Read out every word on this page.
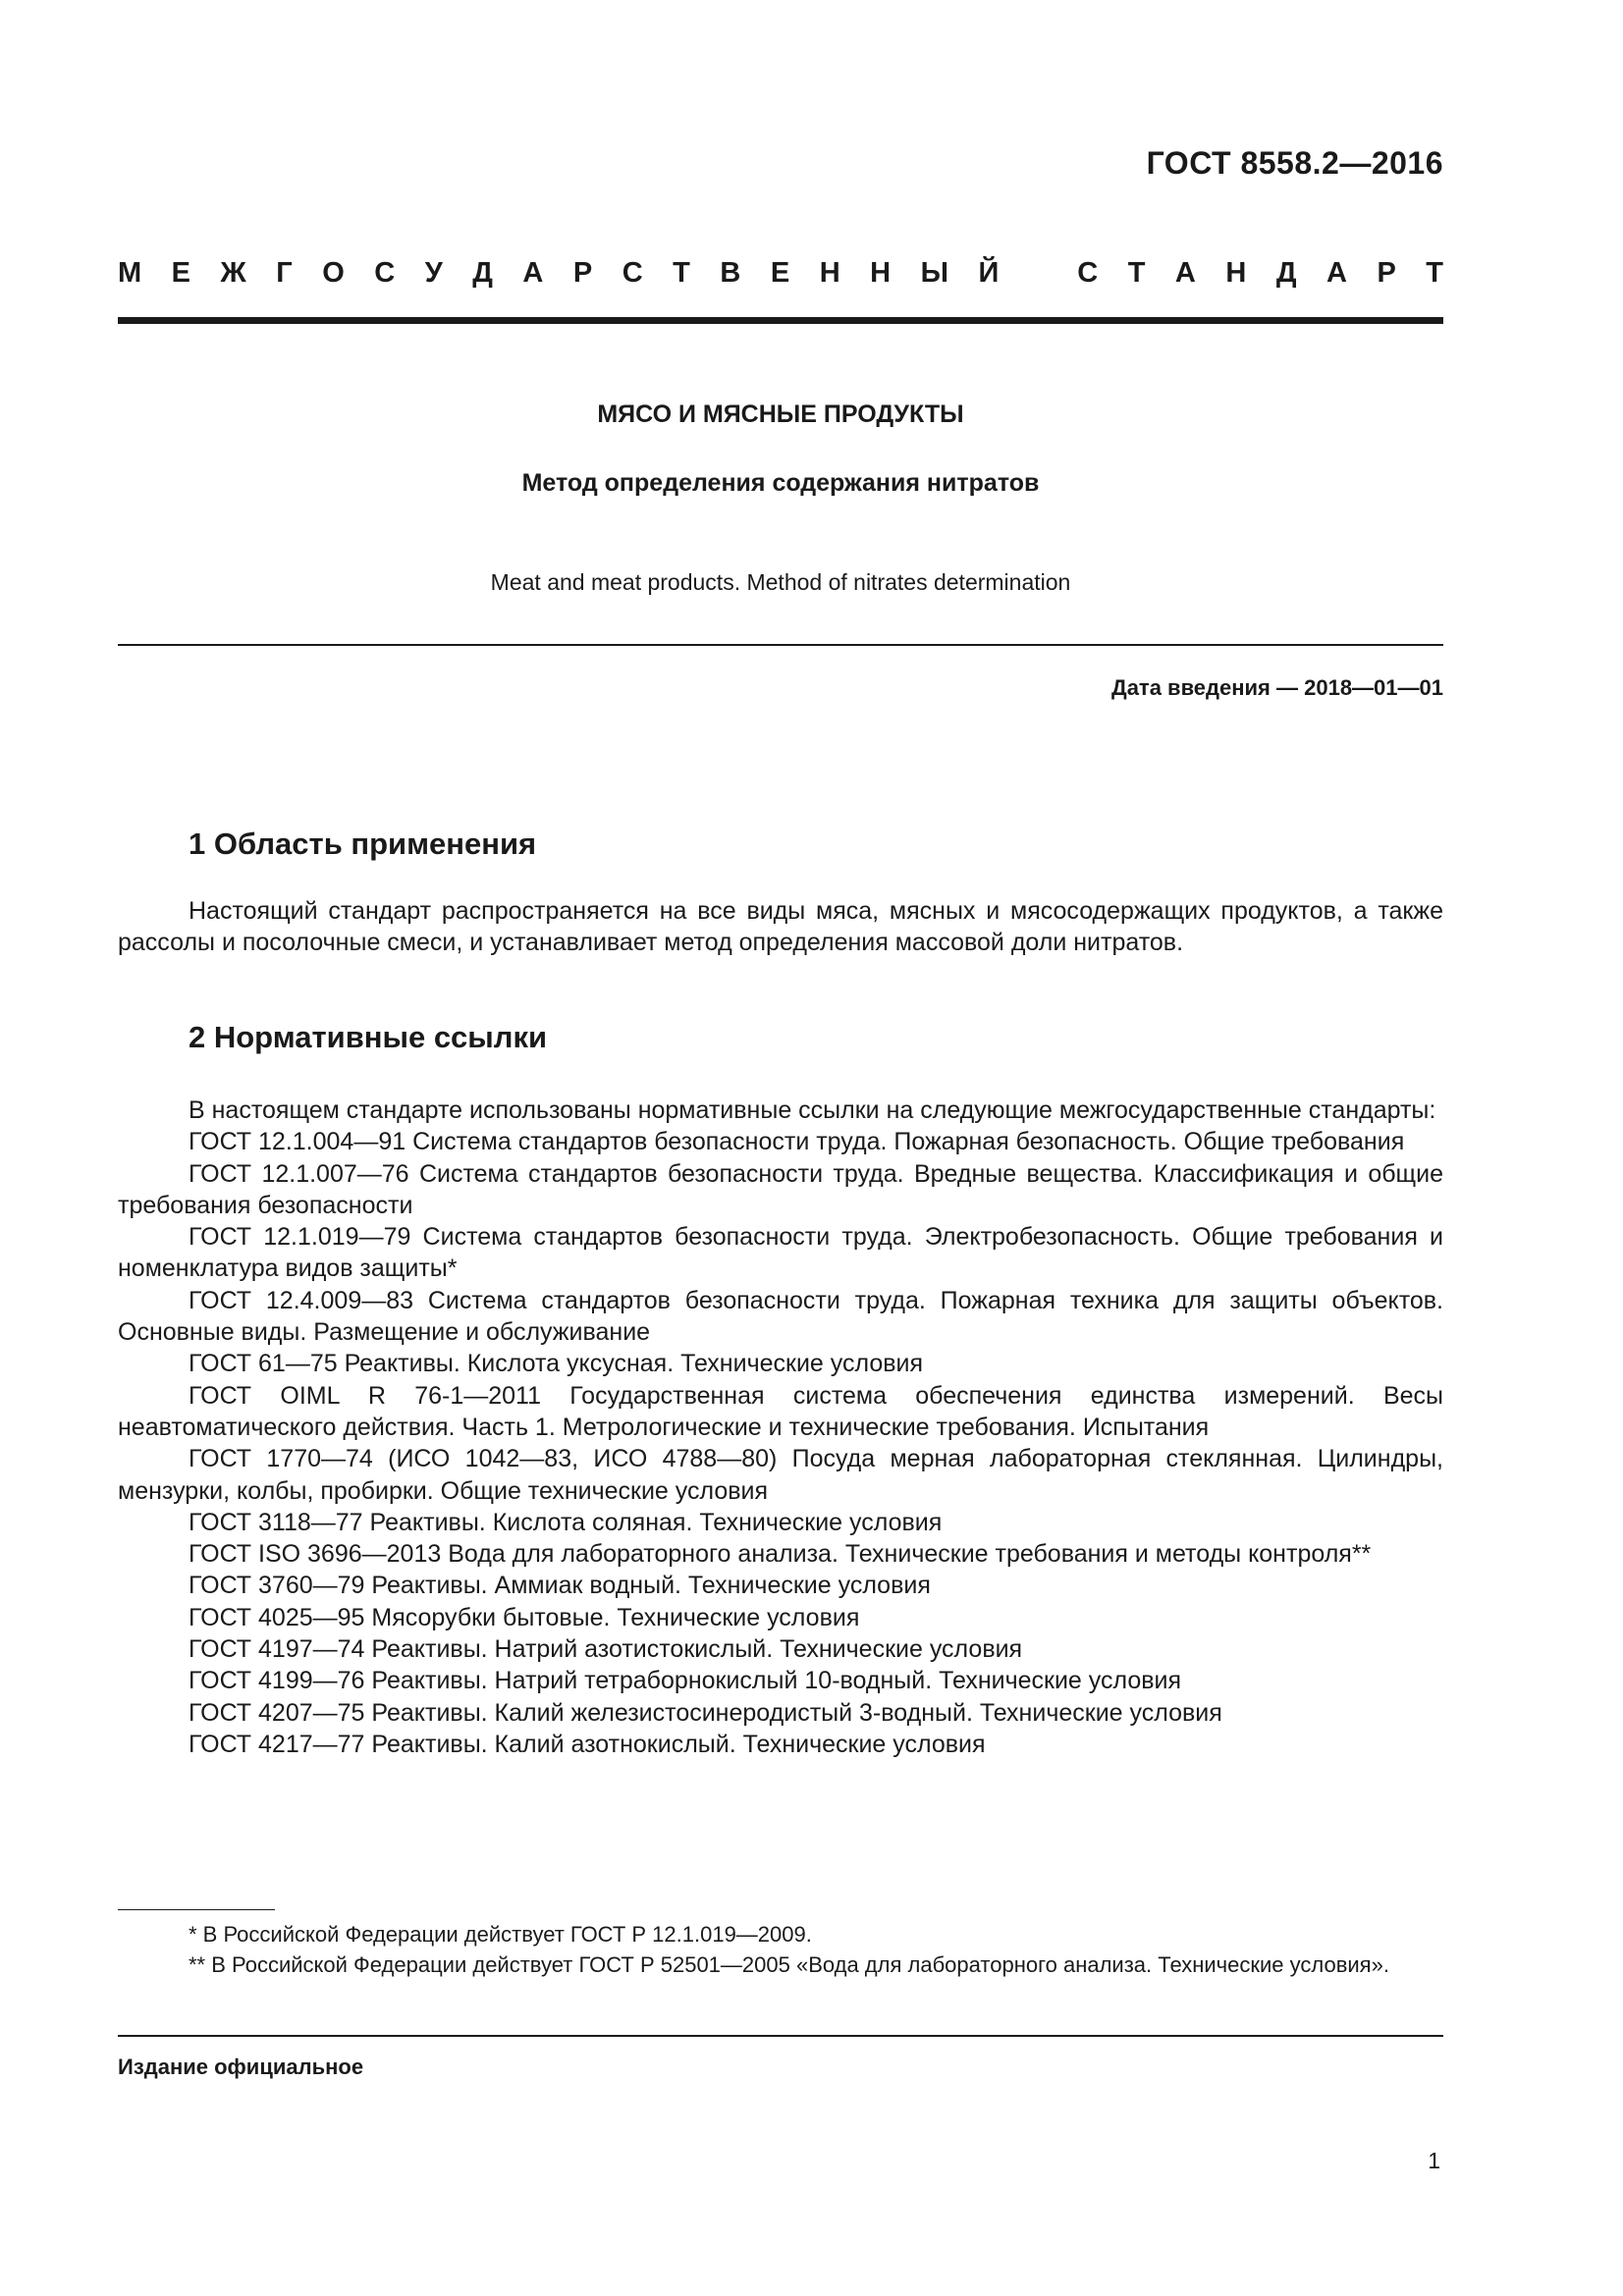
ГОСТ 8558.2—2016
М Е Ж Г О С У Д А Р С Т В Е Н Н Ы Й	С Т А Н Д А Р Т
МЯСО И МЯСНЫЕ ПРОДУКТЫ
Метод определения содержания нитратов
Meat and meat products. Method of nitrates determination
Дата введения — 2018—01—01
1 Область применения

Настоящий стандарт распространяется на все виды мяса, мясных и мясосодержащих продуктов, а также рассолы и посолочные смеси, и устанавливает метод определения массовой доли нитратов.

2 Нормативные ссылки

В настоящем стандарте использованы нормативные ссылки на следующие межгосударственные стандарты:

ГОСТ 12.1.004—91 Система стандартов безопасности труда. Пожарная безопасность. Общие требования

ГОСТ 12.1.007—76 Система стандартов безопасности труда. Вредные вещества. Классификация и общие требования безопасности

ГОСТ 12.1.019—79 Система стандартов безопасности труда. Электробезопасность. Общие требования и номенклатура видов защиты*

ГОСТ 12.4.009—83 Система стандартов безопасности труда. Пожарная техника для защиты объектов. Основные виды. Размещение и обслуживание

ГОСТ 61—75 Реактивы. Кислота уксусная. Технические условия

ГОСТ OIML R 76-1—2011 Государственная система обеспечения единства измерений. Весы неавтоматического действия. Часть 1. Метрологические и технические требования. Испытания

ГОСТ 1770—74 (ИСО 1042—83, ИСО 4788—80) Посуда мерная лабораторная стеклянная. Цилиндры, мензурки, колбы, пробирки. Общие технические условия

ГОСТ 3118—77 Реактивы. Кислота соляная. Технические условия

ГОСТ ISO 3696—2013 Вода для лабораторного анализа. Технические требования и методы контроля**

ГОСТ 3760—79 Реактивы. Аммиак водный. Технические условия

ГОСТ 4025—95 Мясорубки бытовые. Технические условия

ГОСТ 4197—74 Реактивы. Натрий азотистокислый. Технические условия

ГОСТ 4199—76 Реактивы. Натрий тетраборнокислый 10-водный. Технические условия

ГОСТ 4207—75 Реактивы. Калий железистосинеродистый 3-водный. Технические условия

ГОСТ 4217—77 Реактивы. Калий азотнокислый. Технические условия

* В Российской Федерации действует ГОСТ Р 12.1.019—2009.

** В Российской Федерации действует ГОСТ Р 52501—2005 «Вода для лабораторного анализа. Технические условия».

Издание официальное
1
